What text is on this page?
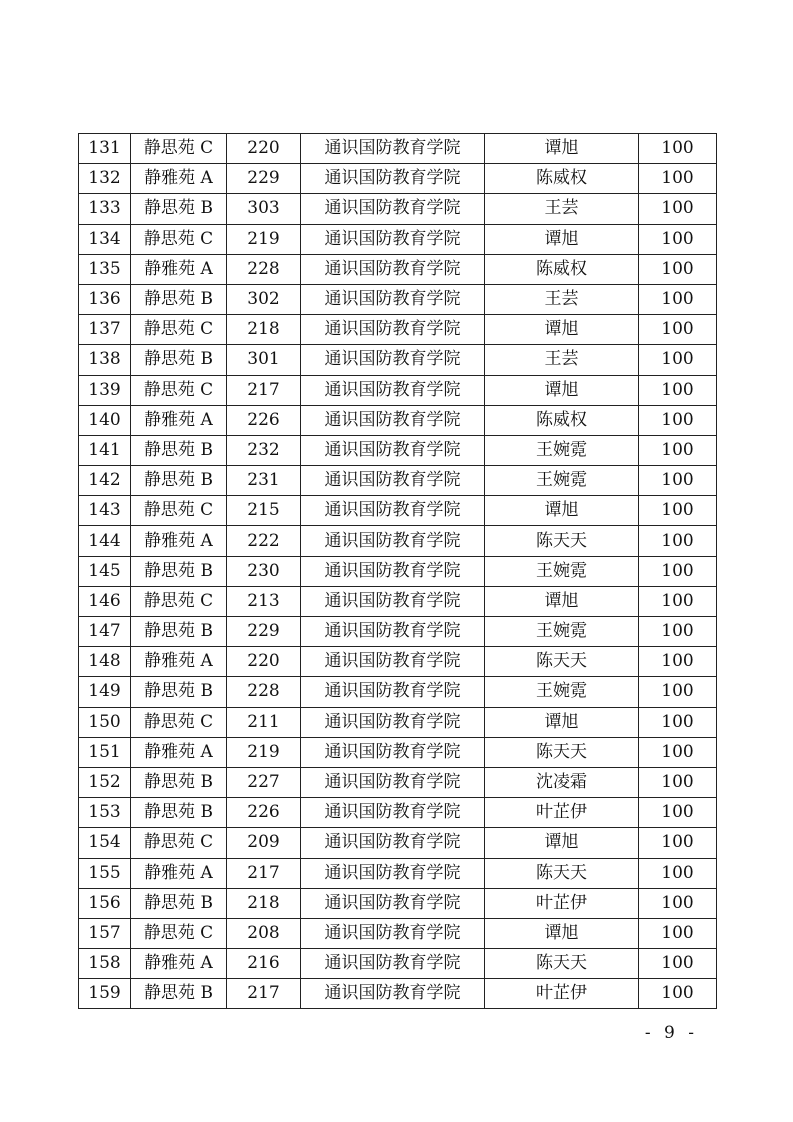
131	静思苑 C	220	通识国防教育学院	谭旭	100
132	静雅苑 A	229	通识国防教育学院	陈威权	100
133	静思苑 B	303	通识国防教育学院	王芸	100
134	静思苑 C	219	通识国防教育学院	谭旭	100
135	静雅苑 A	228	通识国防教育学院	陈威权	100
136	静思苑 B	302	通识国防教育学院	王芸	100
137	静思苑 C	218	通识国防教育学院	谭旭	100
138	静思苑 B	301	通识国防教育学院	王芸	100
139	静思苑 C	217	通识国防教育学院	谭旭	100
140	静雅苑 A	226	通识国防教育学院	陈威权	100
141	静思苑 B	232	通识国防教育学院	王婉霓	100
142	静思苑 B	231	通识国防教育学院	王婉霓	100
143	静思苑 C	215	通识国防教育学院	谭旭	100
144	静雅苑 A	222	通识国防教育学院	陈天天	100
145	静思苑 B	230	通识国防教育学院	王婉霓	100
146	静思苑 C	213	通识国防教育学院	谭旭	100
147	静思苑 B	229	通识国防教育学院	王婉霓	100
148	静雅苑 A	220	通识国防教育学院	陈天天	100
149	静思苑 B	228	通识国防教育学院	王婉霓	100
150	静思苑 C	211	通识国防教育学院	谭旭	100
151	静雅苑 A	219	通识国防教育学院	陈天天	100
152	静思苑 B	227	通识国防教育学院	沈凌霜	100
153	静思苑 B	226	通识国防教育学院	叶芷伊	100
154	静思苑 C	209	通识国防教育学院	谭旭	100
155	静雅苑 A	217	通识国防教育学院	陈天天	100
156	静思苑 B	218	通识国防教育学院	叶芷伊	100
157	静思苑 C	208	通识国防教育学院	谭旭	100
158	静雅苑 A	216	通识国防教育学院	陈天天	100
159	静思苑 B	217	通识国防教育学院	叶芷伊	100
- 9 -
